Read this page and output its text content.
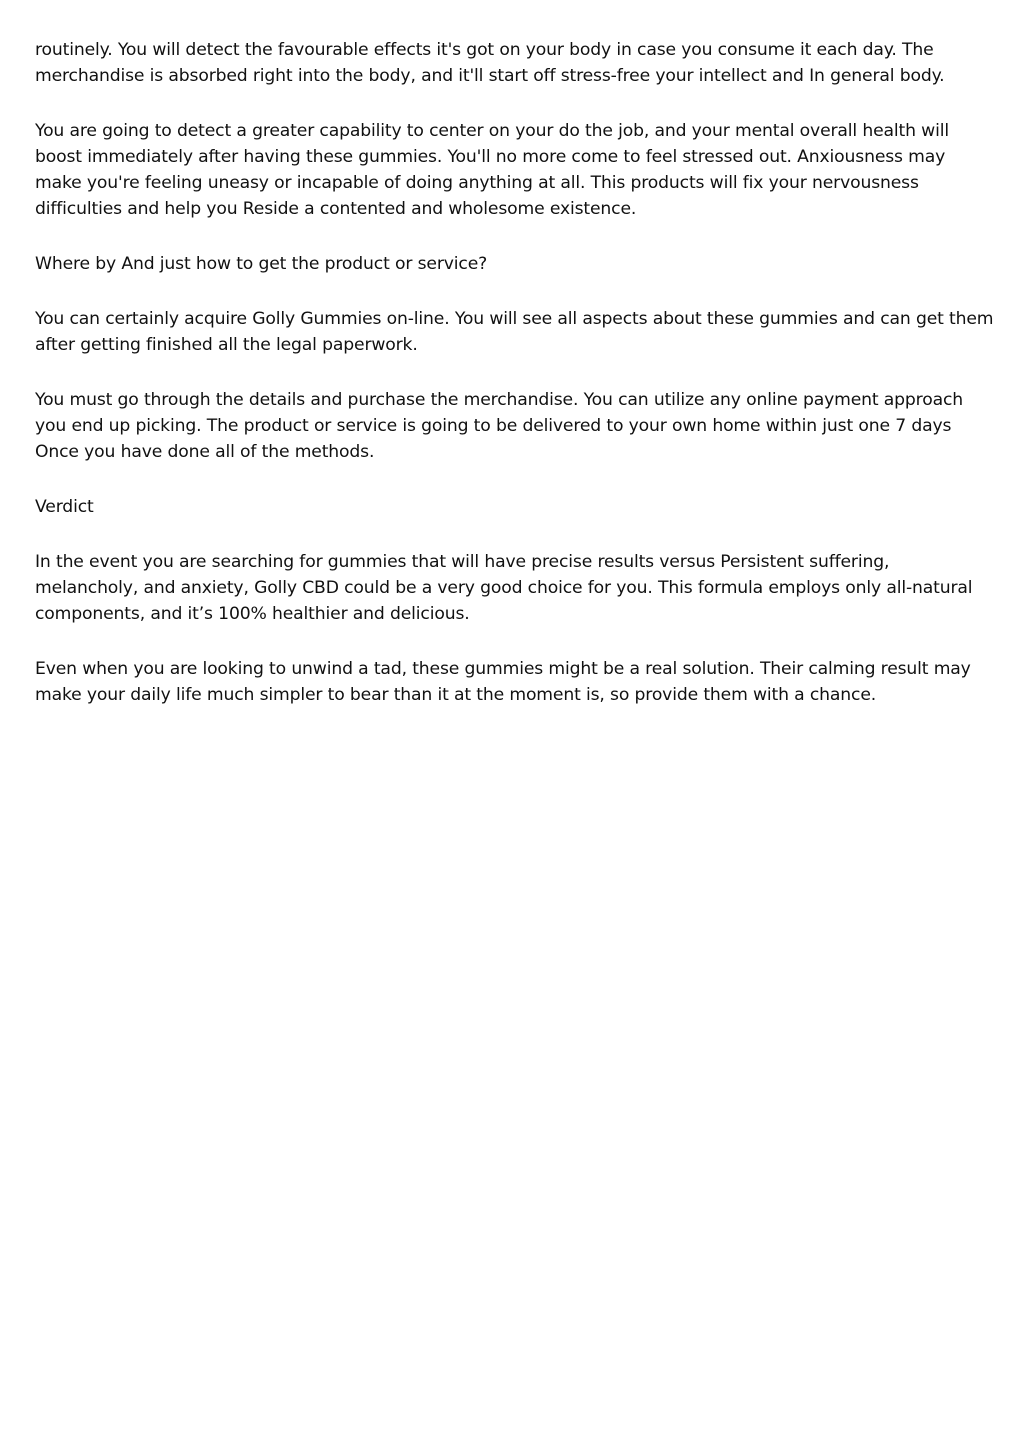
routinely. You will detect the favourable effects it's got on your body in case you consume it each day. The merchandise is absorbed right into the body, and it'll start off stress-free your intellect and In general body.

You are going to detect a greater capability to center on your do the job, and your mental overall health will boost immediately after having these gummies. You'll no more come to feel stressed out. Anxiousness may make you're feeling uneasy or incapable of doing anything at all. This products will fix your nervousness difficulties and help you Reside a contented and wholesome existence.

Where by And just how to get the product or service?

You can certainly acquire Golly Gummies on-line. You will see all aspects about these gummies and can get them after getting finished all the legal paperwork.

You must go through the details and purchase the merchandise. You can utilize any online payment approach you end up picking. The product or service is going to be delivered to your own home within just one 7 days Once you have done all of the methods.

Verdict

In the event you are searching for gummies that will have precise results versus Persistent suffering, melancholy, and anxiety, Golly CBD could be a very good choice for you. This formula employs only all-natural components, and it’s 100% healthier and delicious.

Even when you are looking to unwind a tad, these gummies might be a real solution. Their calming result may make your daily life much simpler to bear than it at the moment is, so provide them with a chance.
